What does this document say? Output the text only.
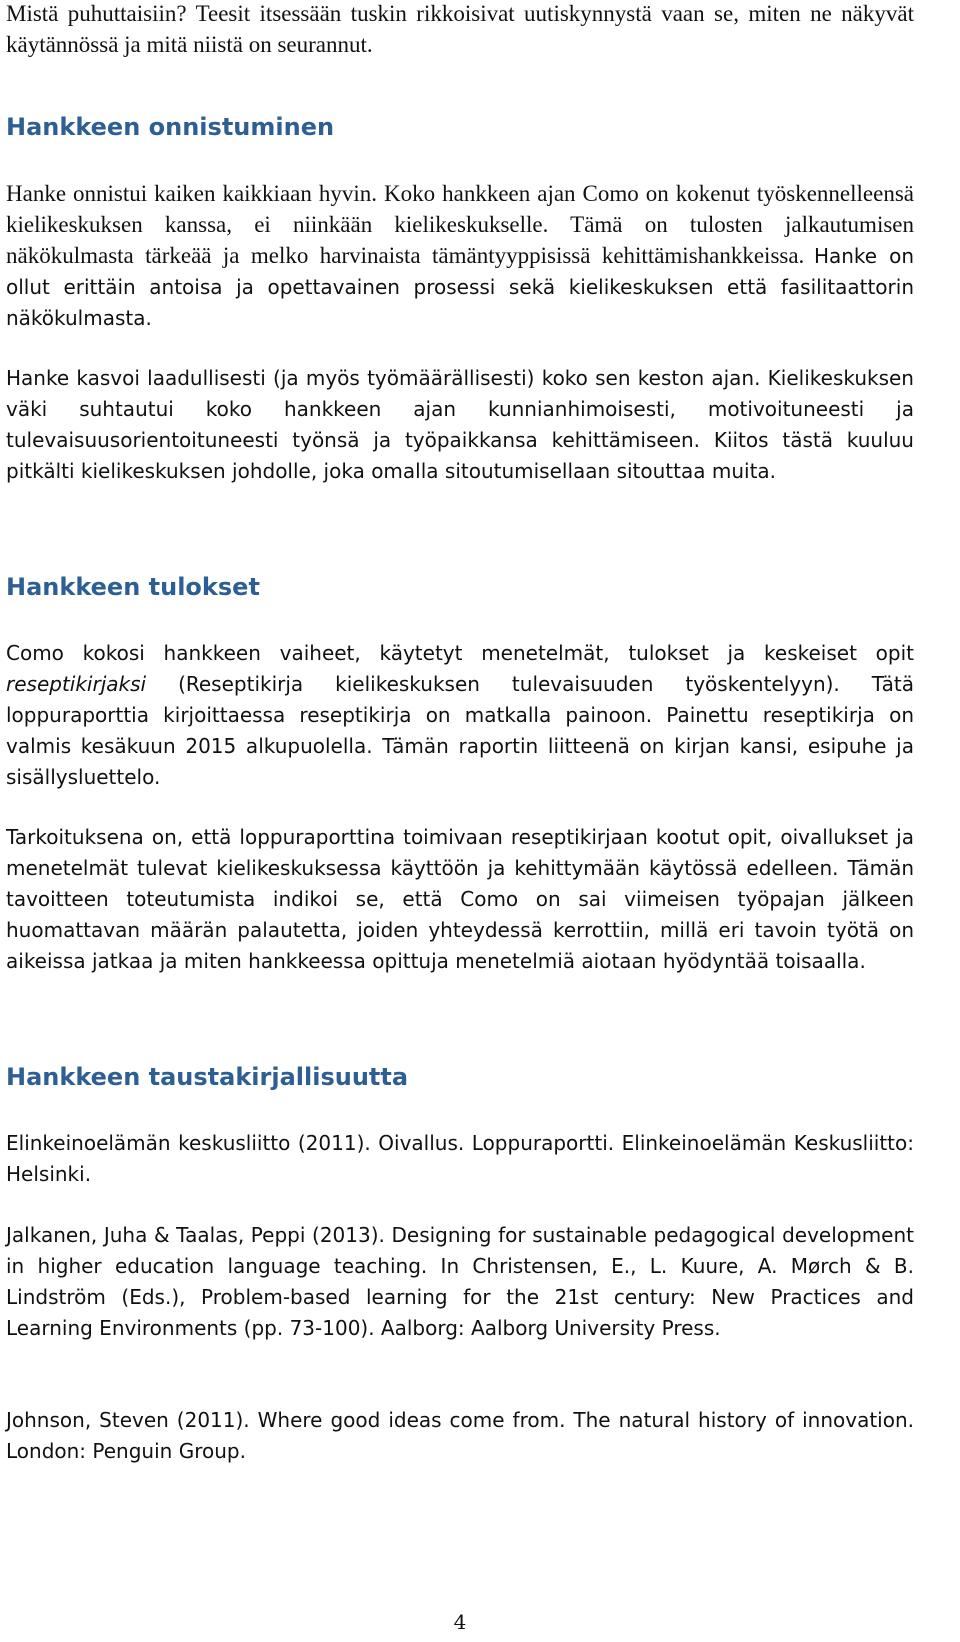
Mistä puhuttaisiin? Teesit itsessään tuskin rikkoisivat uutiskynnystä vaan se, miten ne näkyvät käytännössä ja mitä niistä on seurannut.

Hankkeen onnistuminen

Hanke onnistui kaiken kaikkiaan hyvin. Koko hankkeen ajan Como on kokenut työskennelleensä kielikeskuksen kanssa, ei niinkään kielikeskukselle. Tämä on tulosten jalkautumisen näkökulmasta tärkeää ja melko harvinaista tämäntyyppisissä kehittämishankkeissa. Hanke on ollut erittäin antoisa ja opettavainen prosessi sekä kielikeskuksen että fasilitaattorin näkökulmasta.

Hanke kasvoi laadullisesti (ja myös työmäärällisesti) koko sen keston ajan. Kielikeskuksen väki suhtautui koko hankkeen ajan kunnianhimoisesti, motivoituneesti ja tulevaisuusorientoituneesti työnsä ja työpaikkansa kehittämiseen. Kiitos tästä kuuluu pitkälti kielikeskuksen johdolle, joka omalla sitoutumisellaan sitouttaa muita.

Hankkeen tulokset

Como kokosi hankkeen vaiheet, käytetyt menetelmät, tulokset ja keskeiset opit reseptikirjaksi (Reseptikirja kielikeskuksen tulevaisuuden työskentelyyn). Tätä loppuraporttia kirjoittaessa reseptikirja on matkalla painoon. Painettu reseptikirja on valmis kesäkuun 2015 alkupuolella. Tämän raportin liitteenä on kirjan kansi, esipuhe ja sisällysluettelo.

Tarkoituksena on, että loppuraporttina toimivaan reseptikirjaan kootut opit, oivallukset ja menetelmät tulevat kielikeskuksessa käyttöön ja kehittymään käytössä edelleen. Tämän tavoitteen toteutumista indikoi se, että Como on sai viimeisen työpajan jälkeen huomattavan määrän palautetta, joiden yhteydessä kerrottiin, millä eri tavoin työtä on aikeissa jatkaa ja miten hankkeessa opittuja menetelmiä aiotaan hyödyntää toisaalla.

Hankkeen taustakirjallisuutta

Elinkeinoelämän keskusliitto (2011). Oivallus. Loppuraportti. Elinkeinoelämän Keskusliitto: Helsinki.

Jalkanen, Juha & Taalas, Peppi (2013). Designing for sustainable pedagogical development in higher education language teaching. In Christensen, E., L. Kuure, A. Mørch & B. Lindström (Eds.), Problem-based learning for the 21st century: New Practices and Learning Environments (pp. 73-100). Aalborg: Aalborg University Press.

Johnson, Steven (2011). Where good ideas come from. The natural history of innovation. London: Penguin Group.

4
